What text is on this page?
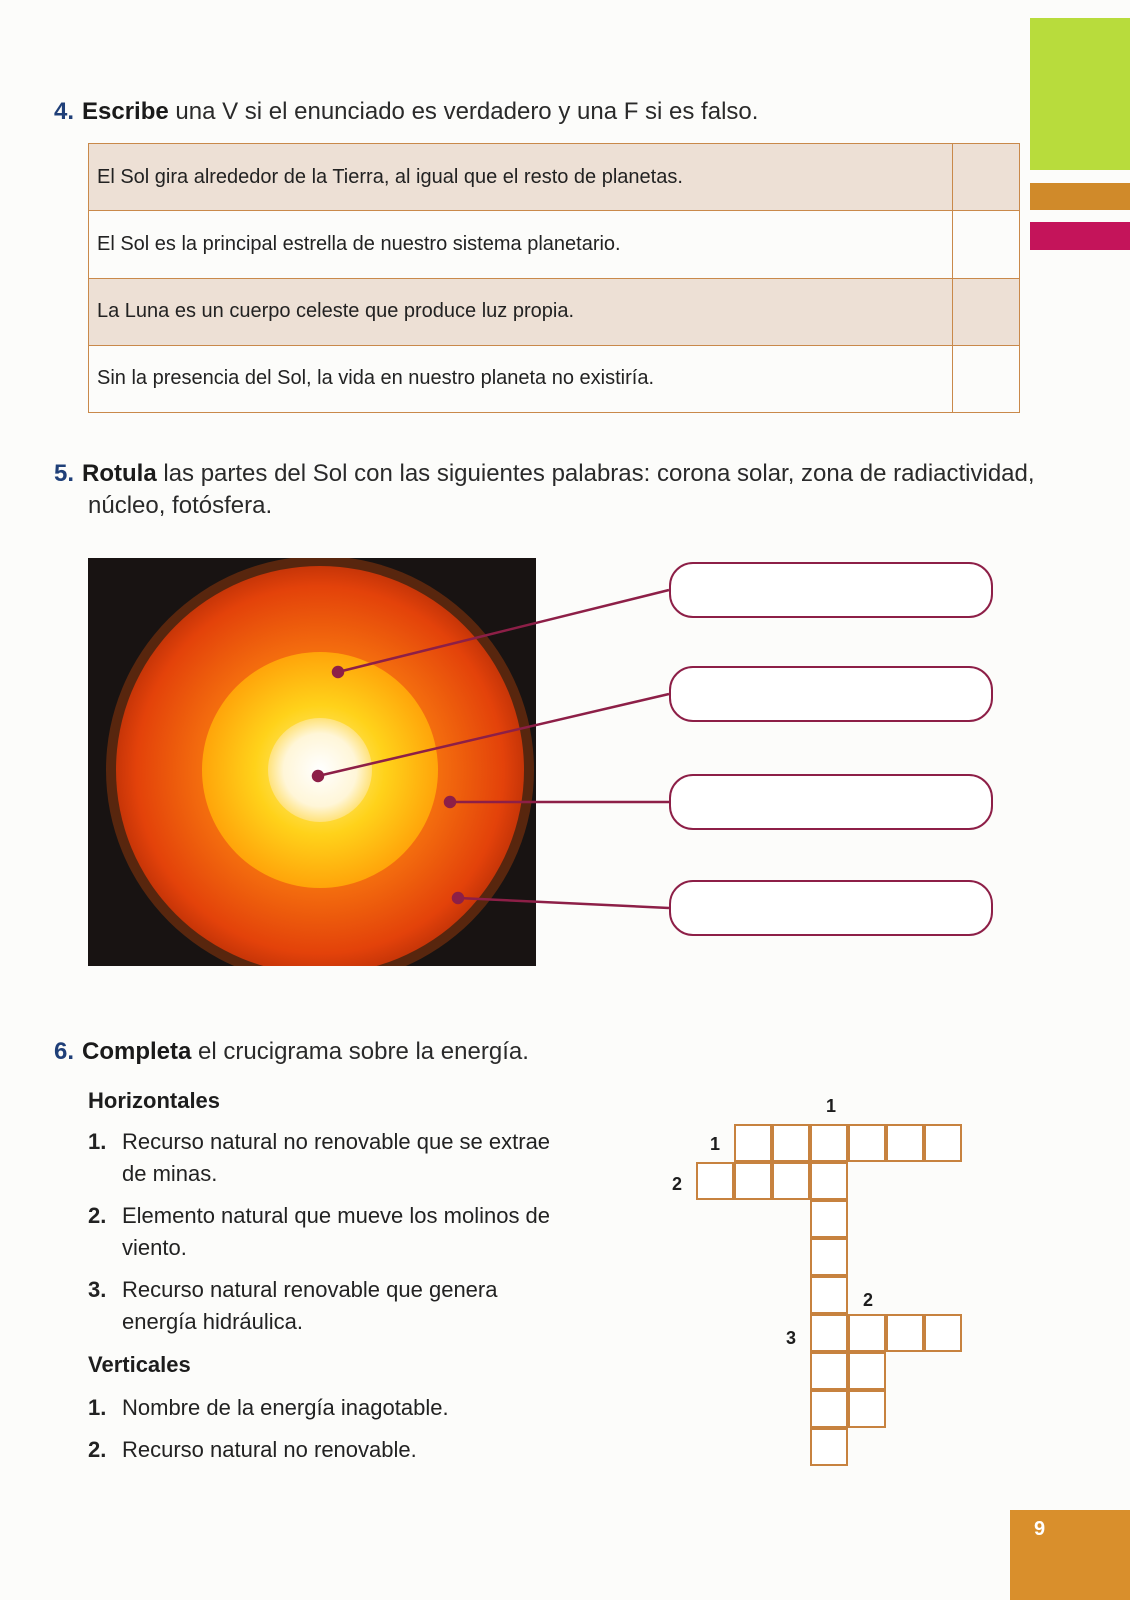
4. Escribe una V si el enunciado es verdadero y una F si es falso.
El Sol gira alrededor de la Tierra, al igual que el resto de planetas.	
El Sol es la principal estrella de nuestro sistema planetario.	
La Luna es un cuerpo celeste que produce luz propia.	
Sin la presencia del Sol, la vida en nuestro planeta no existiría.	
5. Rotula las partes del Sol con las siguientes palabras: corona solar, zona de radiactividad,
núcleo, fotósfera.
6. Completa el crucigrama sobre la energía.
Horizontales
1. Recurso natural no renovable que se extrae
de minas.
2. Elemento natural que mueve los molinos de
viento.
3. Recurso natural renovable que genera
energía hidráulica.
Verticales
1. Nombre de la energía inagotable.
2. Recurso natural no renovable.
1
1
2
2
3
9
